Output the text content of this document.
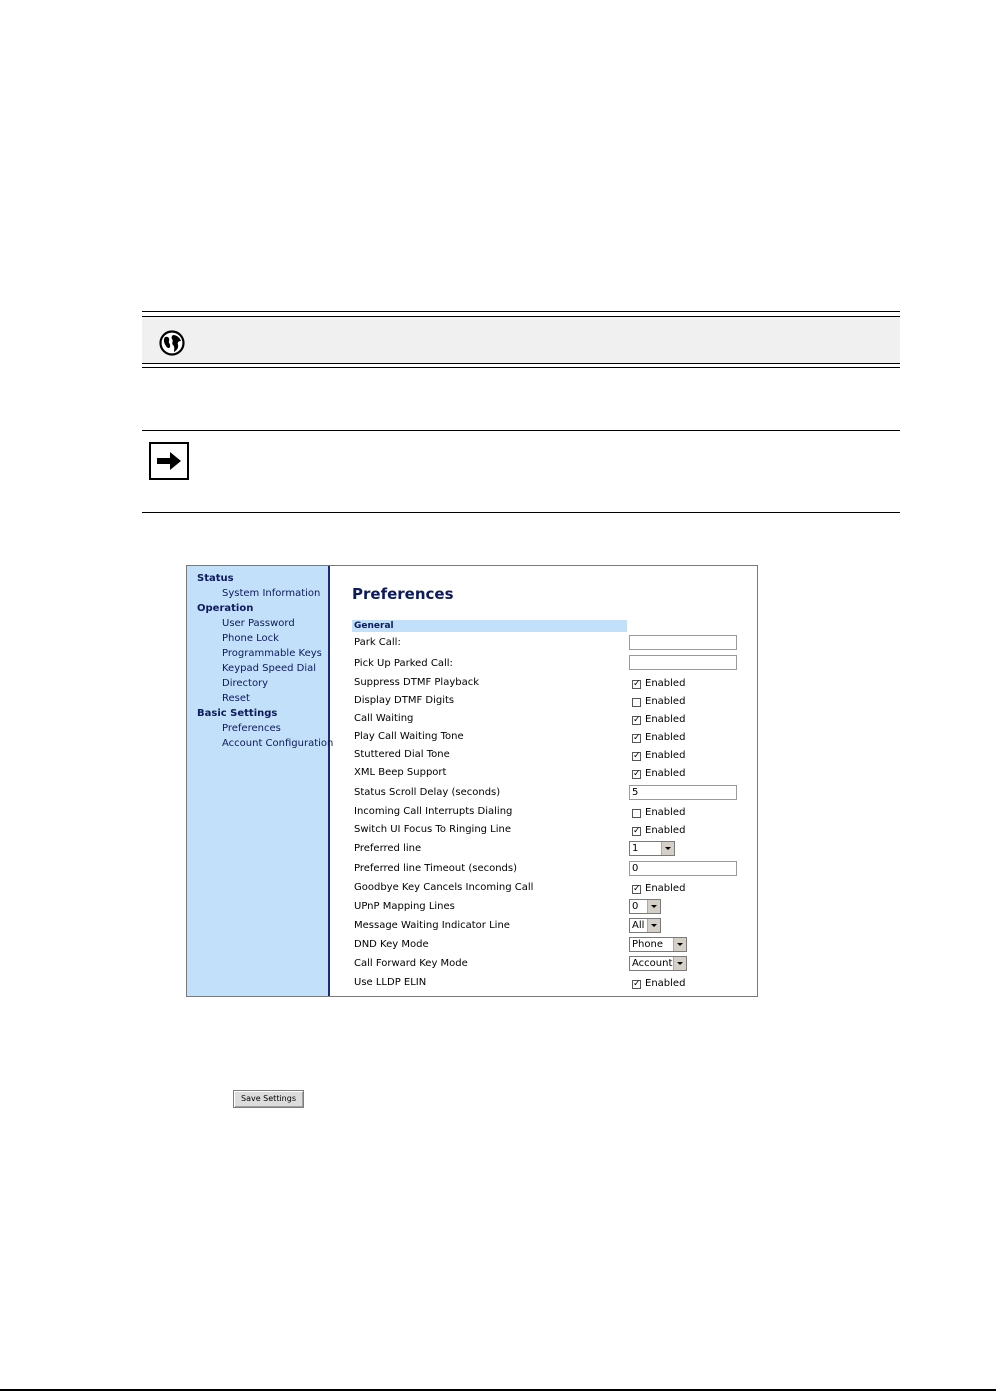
Status
System Information
Operation
User Password
Phone Lock
Programmable Keys
Keypad Speed Dial
Directory
Reset
Basic Settings
Preferences
Account Configuration
Preferences
General
Park Call:
Pick Up Parked Call:
Suppress DTMF Playback ✓	Enabled
Display DTMF Digits	Enabled
Call Waiting ✓	Enabled
Play Call Waiting Tone ✓	Enabled
Stuttered Dial Tone ✓	Enabled
XML Beep Support ✓	Enabled
Status Scroll Delay (seconds)	5
Incoming Call Interrupts Dialing	Enabled
Switch UI Focus To Ringing Line ✓	Enabled
Preferred line	1
Preferred line Timeout (seconds)	0
Goodbye Key Cancels Incoming Call ✓	Enabled
UPnP Mapping Lines	0
Message Waiting Indicator Line	All
DND Key Mode	Phone
Call Forward Key Mode	Account
Use LLDP ELIN ✓	Enabled
Save Settings
